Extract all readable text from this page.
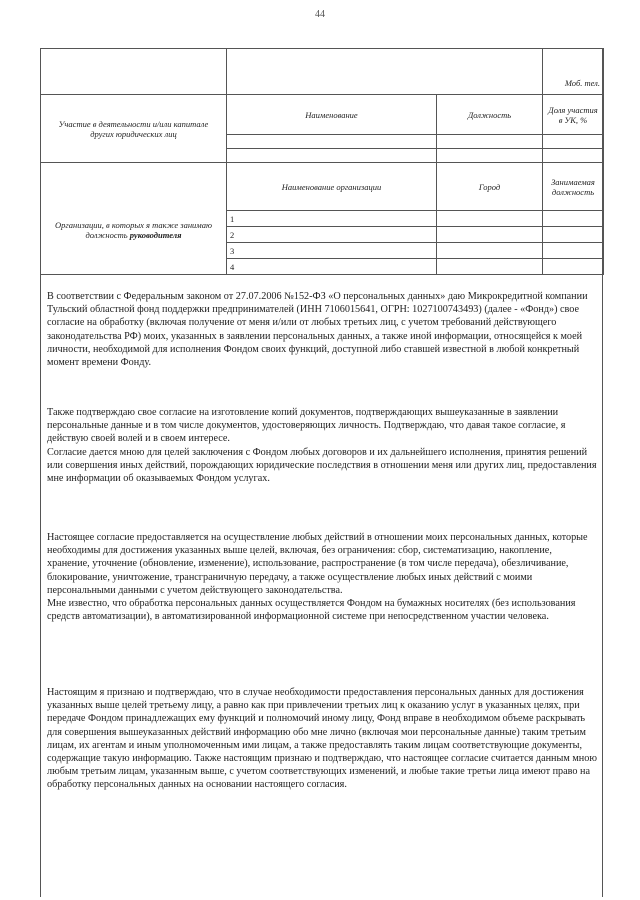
44
			Моб. тел.
Участие в деятельности и/или капитале других юридических лиц	Наименование	Должность	Доля участия в УК, %

Организации, в которых я также занимаю должность руководителя	Наименование организации	Город	Занимаемая должность
	1		
	2		
	3		
	4		

В соответствии с Федеральным законом от 27.07.2006 №152-ФЗ «О персональных данных» даю Микрокредитной компании Тульский областной фонд поддержки предпринимателей (ИНН 7106015641, ОГРН: 1027100743493) (далее - «Фонд») свое согласие на обработку (включая получение от меня и/или от любых третьих лиц, с учетом требований действующего законодательства РФ) моих, указанных в заявлении персональных данных, а также иной информации, относящейся к моей личности, необходимой для исполнения Фондом своих функций, доступной либо ставшей известной в любой конкретный момент времени Фонду.

Также подтверждаю свое согласие на изготовление копий документов, подтверждающих вышеуказанные в заявлении персональные данные и в том числе документов, удостоверяющих личность. Подтверждаю, что давая такое согласие, я действую своей волей и в своем интересе.

Согласие дается мною для целей заключения с Фондом любых договоров и их дальнейшего исполнения, принятия решений или совершения иных действий, порождающих юридические последствия в отношении меня или других лиц, предоставления мне информации об оказываемых Фондом услугах.

Настоящее согласие предоставляется на осуществление любых действий в отношении моих персональных данных, которые необходимы для достижения указанных выше целей, включая, без ограничения: сбор, систематизацию, накопление, хранение, уточнение (обновление, изменение), использование, распространение (в том числе передача), обезличивание, блокирование, уничтожение, трансграничную передачу, а также осуществление любых иных действий с моими персональными данными с учетом действующего законодательства.

Мне известно, что обработка персональных данных осуществляется Фондом на бумажных носителях (без использования средств автоматизации), в автоматизированной информационной системе при непосредственном участии человека.

Настоящим я признаю и подтверждаю, что в случае необходимости предоставления персональных данных для достижения указанных выше целей третьему лицу, а равно как при привлечении третьих лиц к оказанию услуг в указанных целях, при передаче Фондом принадлежащих ему функций и полномочий иному лицу, Фонд вправе в необходимом объеме раскрывать для совершения вышеуказанных действий информацию обо мне лично (включая мои персональные данные) таким третьим лицам, их агентам и иным уполномоченным ими лицам, а также предоставлять таким лицам соответствующие документы, содержащие такую информацию. Также настоящим признаю и подтверждаю, что настоящее согласие считается данным мною любым третьим лицам, указанным выше, с учетом соответствующих изменений, и любые такие третьи лица имеют право на обработку персональных данных на основании настоящего согласия.
